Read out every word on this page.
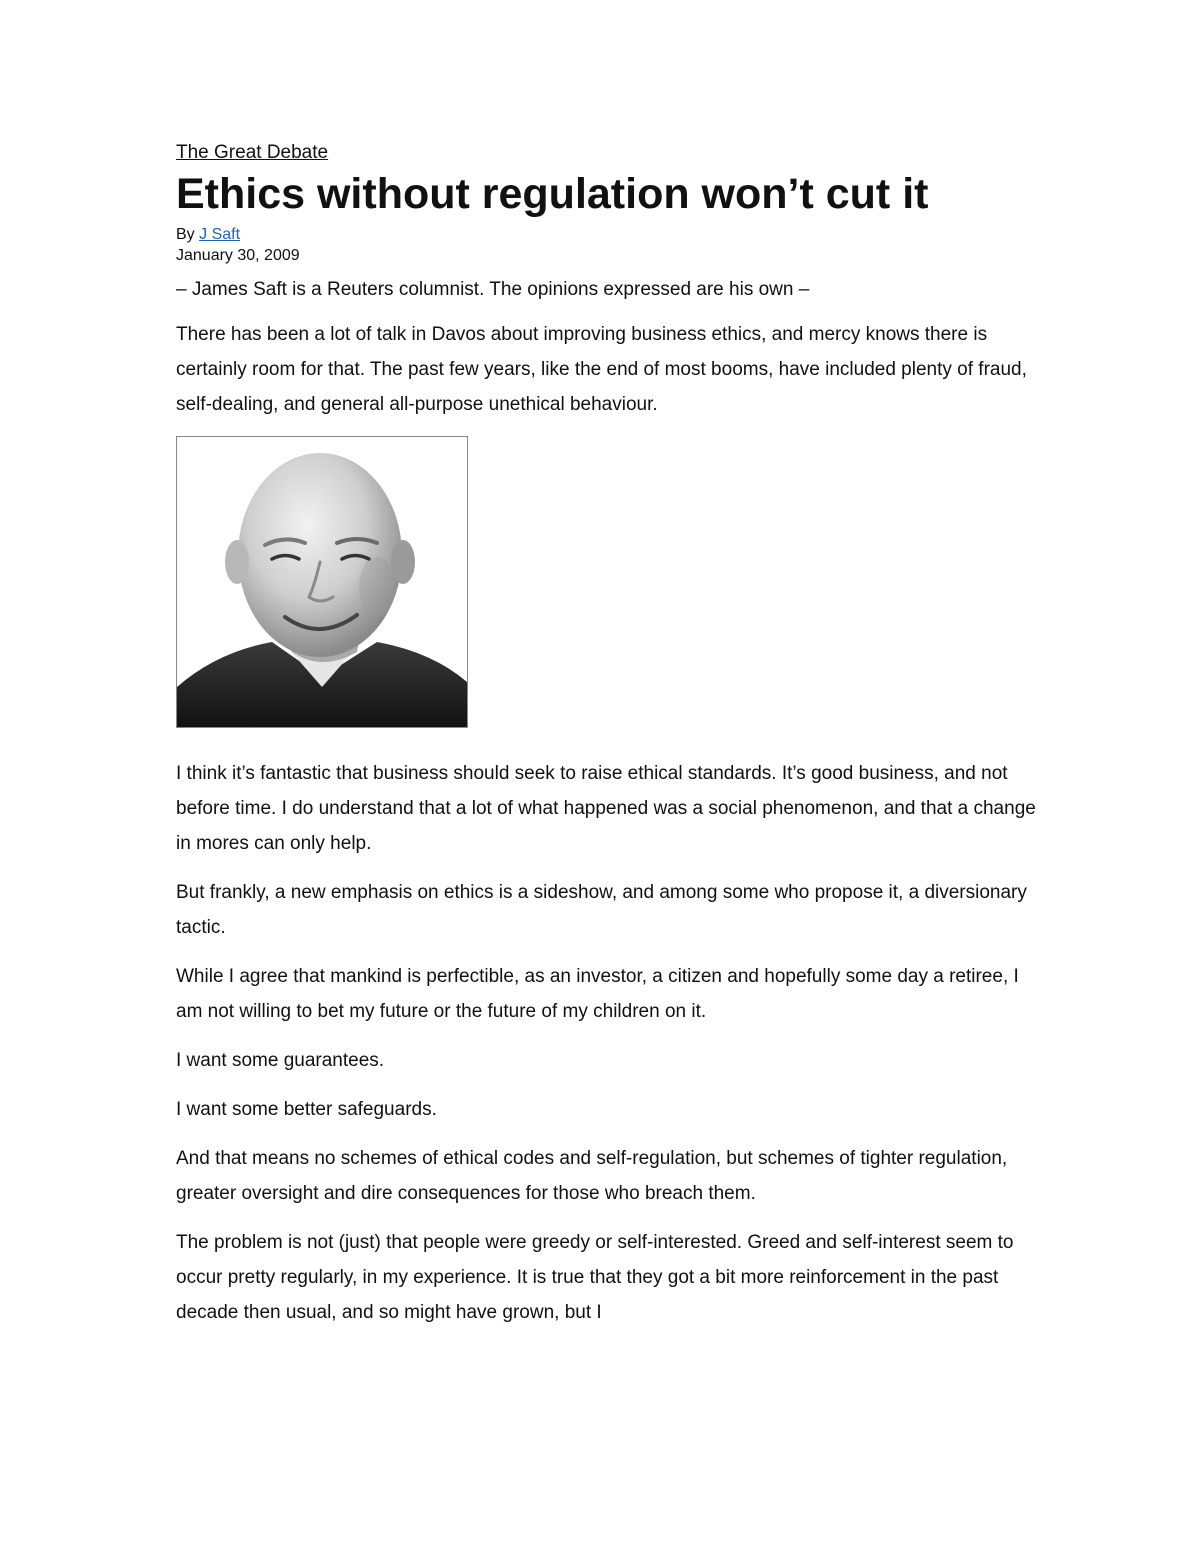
The Great Debate
Ethics without regulation won’t cut it
By J Saft
January 30, 2009

– James Saft is a Reuters columnist. The opinions expressed are his own –

There has been a lot of talk in Davos about improving business ethics, and mercy knows there is certainly room for that. The past few years, like the end of most booms, have included plenty of fraud, self-dealing, and general all-purpose unethical behaviour.

I think it’s fantastic that business should seek to raise ethical standards. It’s good business, and not before time. I do understand that a lot of what happened was a social phenomenon, and that a change in mores can only help.

But frankly, a new emphasis on ethics is a sideshow, and among some who propose it, a diversionary tactic.

While I agree that mankind is perfectible, as an investor, a citizen and hopefully some day a retiree, I am not willing to bet my future or the future of my children on it.

I want some guarantees.

I want some better safeguards.

And that means no schemes of ethical codes and self-regulation, but schemes of tighter regulation, greater oversight and dire consequences for those who breach them.

The problem is not (just) that people were greedy or self-interested. Greed and self-interest seem to occur pretty regularly, in my experience. It is true that they got a bit more reinforcement in the past decade then usual, and so might have grown, but I
